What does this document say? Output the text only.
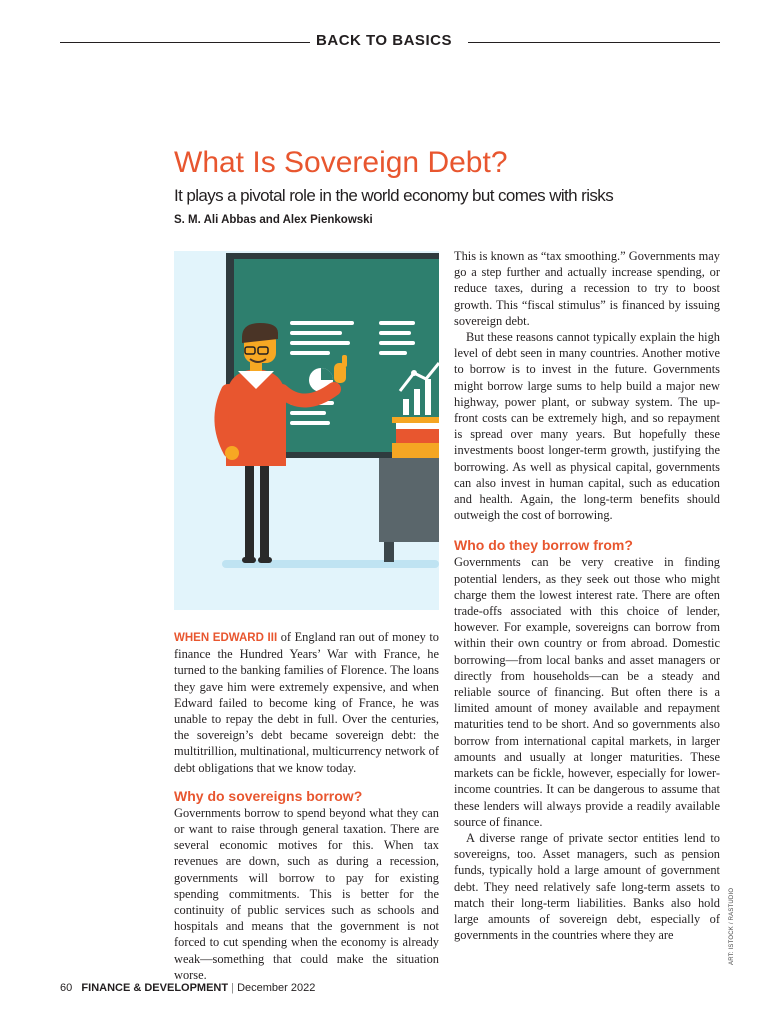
BACK TO BASICS
What Is Sovereign Debt?
It plays a pivotal role in the world economy but comes with risks
S. M. Ali Abbas and Alex Pienkowski

WHEN EDWARD III of England ran out of money to finance the Hundred Years’ War with France, he turned to the banking families of Florence. The loans they gave him were extremely expensive, and when Edward failed to become king of France, he was unable to repay the debt in full. Over the centuries, the sovereign’s debt became sovereign debt: the multitrillion, multinational, multicurrency network of debt obligations that we know today.

Why do sovereigns borrow?

Governments borrow to spend beyond what they can or want to raise through general taxation. There are several economic motives for this. When tax revenues are down, such as during a recession, governments will borrow to pay for existing spending commitments. This is better for the continuity of public services such as schools and hospitals and means that the government is not forced to cut spending when the economy is already weak—something that could make the situation worse.

This is known as “tax smoothing.” Governments may go a step further and actually increase spending, or reduce taxes, during a recession to try to boost growth. This “fiscal stimulus” is financed by issuing sovereign debt.

But these reasons cannot typically explain the high level of debt seen in many countries. Another motive to borrow is to invest in the future. Governments might borrow large sums to help build a major new highway, power plant, or subway system. The up-front costs can be extremely high, and so repayment is spread over many years. But hopefully these investments boost longer-term growth, justifying the borrowing. As well as physical capital, governments can also invest in human capital, such as education and health. Again, the long-term benefits should outweigh the cost of borrowing.

Who do they borrow from?

Governments can be very creative in finding potential lenders, as they seek out those who might charge them the lowest interest rate. There are often trade-offs associated with this choice of lender, however. For example, sovereigns can borrow from within their own country or from abroad. Domestic borrowing—from local banks and asset managers or directly from households—can be a steady and reliable source of financing. But often there is a limited amount of money available and repayment maturities tend to be short. And so governments also borrow from international capital markets, in larger amounts and usually at longer maturities. These markets can be fickle, however, especially for lower-income countries. It can be dangerous to assume that these lenders will always provide a readily available source of finance.

A diverse range of private sector entities lend to sovereigns, too. Asset managers, such as pension funds, typically hold a large amount of government debt. They need relatively safe long-term assets to match their long-term liabilities. Banks also hold large amounts of sovereign debt, especially of governments in the countries where they are

60 FINANCE & DEVELOPMENT | December 2022
ART: ISTOCK / RASTUDIO
